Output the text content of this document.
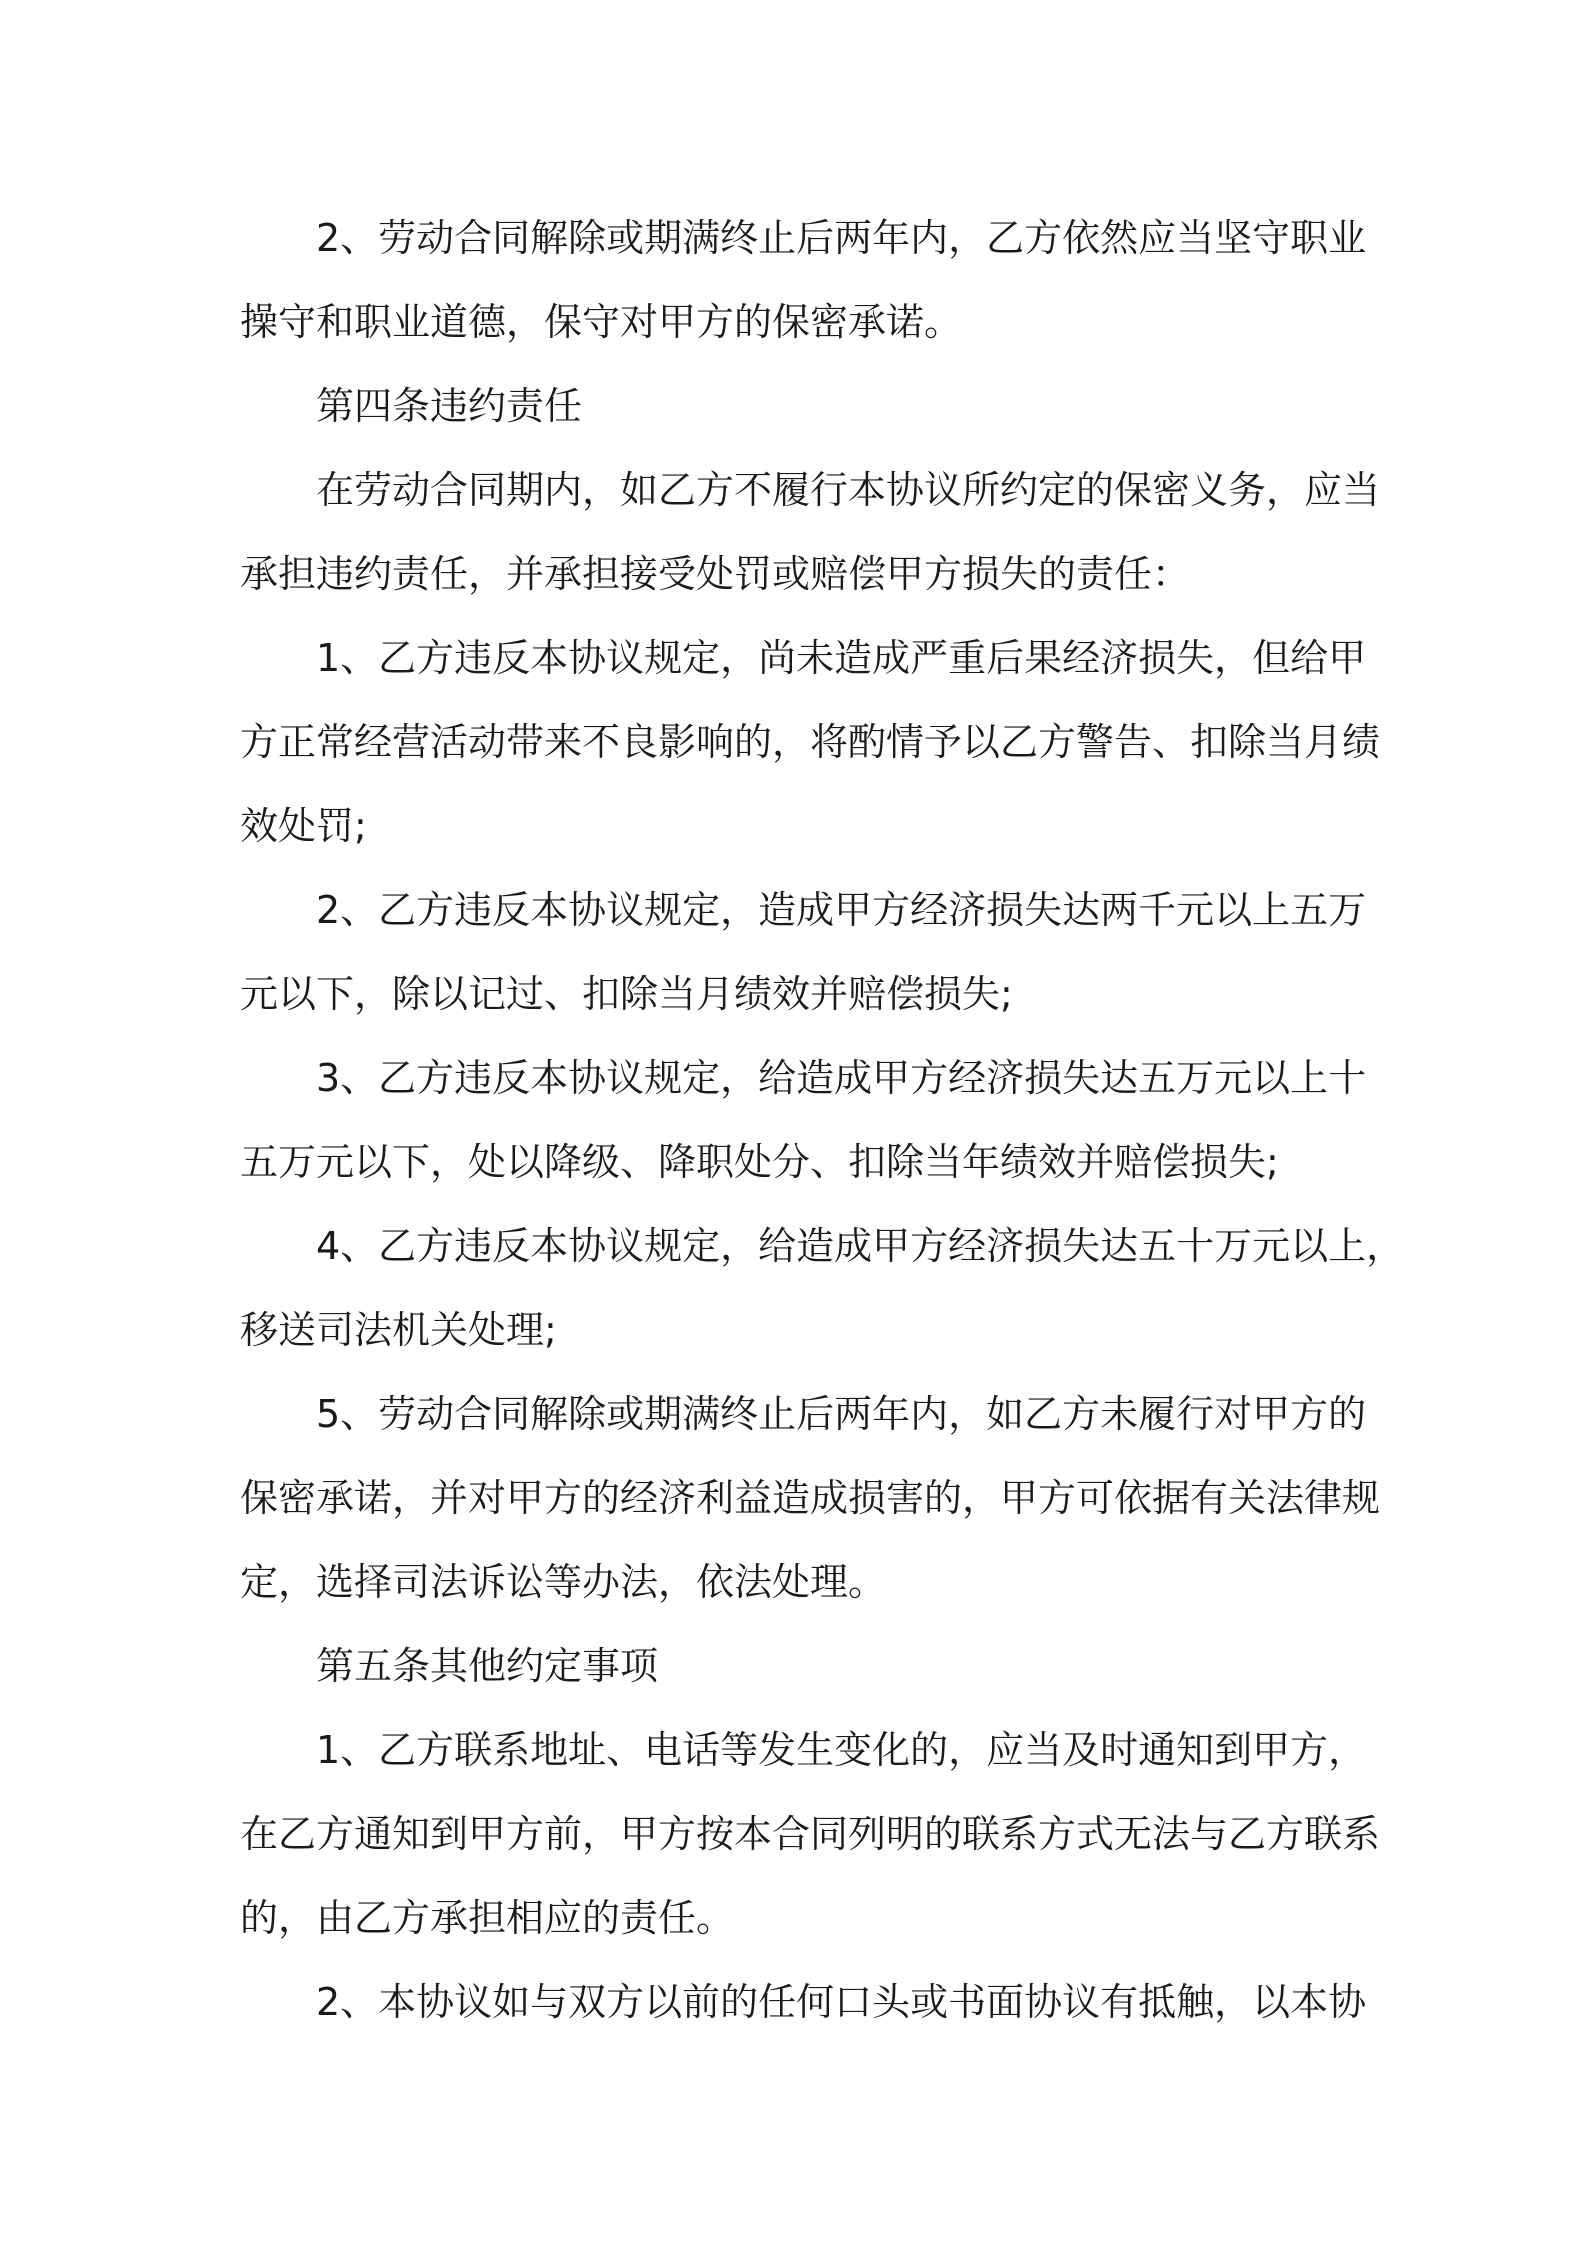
2、劳动合同解除或期满终止后两年内，乙方依然应当坚守职业
操守和职业道德，保守对甲方的保密承诺。
第四条违约责任
在劳动合同期内，如乙方不履行本协议所约定的保密义务，应当
承担违约责任，并承担接受处罚或赔偿甲方损失的责任：
1、乙方违反本协议规定，尚未造成严重后果经济损失，但给甲
方正常经营活动带来不良影响的，将酌情予以乙方警告、扣除当月绩
效处罚;
2、乙方违反本协议规定，造成甲方经济损失达两千元以上五万
元以下，除以记过、扣除当月绩效并赔偿损失;
3、乙方违反本协议规定，给造成甲方经济损失达五万元以上十
五万元以下，处以降级、降职处分、扣除当年绩效并赔偿损失;
4、乙方违反本协议规定，给造成甲方经济损失达五十万元以上，
移送司法机关处理;
5、劳动合同解除或期满终止后两年内，如乙方未履行对甲方的
保密承诺，并对甲方的经济利益造成损害的，甲方可依据有关法律规
定，选择司法诉讼等办法，依法处理。
第五条其他约定事项
1、乙方联系地址、电话等发生变化的，应当及时通知到甲方，
在乙方通知到甲方前，甲方按本合同列明的联系方式无法与乙方联系
的，由乙方承担相应的责任。
2、本协议如与双方以前的任何口头或书面协议有抵触，以本协
